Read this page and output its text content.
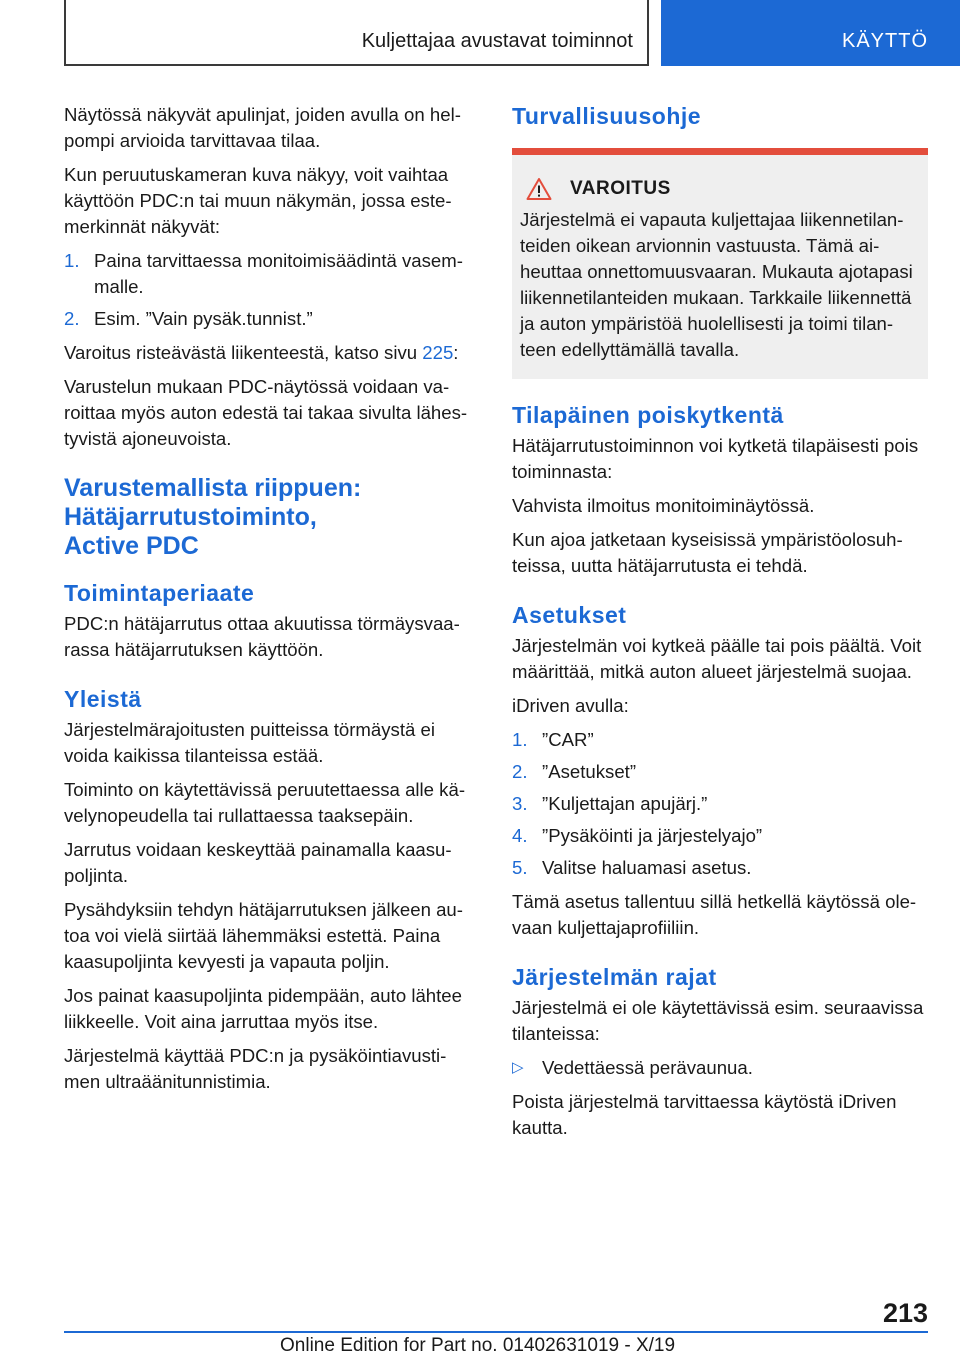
Kuljettajaa avustavat toiminnot	KÄYTTÖ

Näytössä näkyvät apulinjat, joiden avulla on hel-pompi arvioida tarvittavaa tilaa.

Kun peruutuskameran kuva näkyy, voit vaihtaa käyttöön PDC:n tai muun näkymän, jossa este-merkinnät näkyvät:

1. Paina tarvittaessa monitoimisäädintä vasem-malle.
2. Esim. ”Vain pysäk.tunnist.”

Varoitus risteävästä liikenteestä, katso sivu 225:

Varustelun mukaan PDC-näytössä voidaan va-roittaa myös auton edestä tai takaa sivulta lähes-tyvistä ajoneuvoista.

Varustemallista riippuen:
Hätäjarrutustoiminto,
Active PDC
Toimintaperiaate

PDC:n hätäjarrutus ottaa akuutissa törmäysvaa-rassa hätäjarrutuksen käyttöön.

Yleistä

Järjestelmärajoitusten puitteissa törmäystä ei voida kaikissa tilanteissa estää.

Toiminto on käytettävissä peruutettaessa alle kä-velynopeudella tai rullattaessa taaksepäin.

Jarrutus voidaan keskeyttää painamalla kaasu-poljinta.

Pysähdyksiin tehdyn hätäjarrutuksen jälkeen au-toa voi vielä siirtää lähemmäksi estettä. Paina kaasupoljinta kevyesti ja vapauta poljin.

Jos painat kaasupoljinta pidempään, auto lähtee liikkeelle. Voit aina jarruttaa myös itse.

Järjestelmä käyttää PDC:n ja pysäköintiavusti-men ultraäänitunnistimia.

Turvallisuusohje
VAROITUS

Järjestelmä ei vapauta kuljettajaa liikennetilan-teiden oikean arvionnin vastuusta. Tämä ai-heuttaa onnettomuusvaaran. Mukauta ajotapasi liikennetilanteiden mukaan. Tarkkaile liikennettä ja auton ympäristöä huolellisesti ja toimi tilan-teen edellyttämällä tavalla.

Tilapäinen poiskytkentä

Hätäjarrutustoiminnon voi kytketä tilapäisesti pois toiminnasta:

Vahvista ilmoitus monitoiminäytössä.

Kun ajoa jatketaan kyseisissä ympäristöolosuh-teissa, uutta hätäjarrutusta ei tehdä.

Asetukset

Järjestelmän voi kytkeä päälle tai pois päältä. Voit määrittää, mitkä auton alueet järjestelmä suojaa.

iDriven avulla:

1. ”CAR”
2. ”Asetukset”
3. ”Kuljettajan apujärj.”
4. ”Pysäköinti ja järjestelyajo”
5. Valitse haluamasi asetus.

Tämä asetus tallentuu sillä hetkellä käytössä ole-vaan kuljettajaprofiiliin.

Järjestelmän rajat

Järjestelmä ei ole käytettävissä esim. seuraavissa tilanteissa:

▷ Vedettäessä perävaunua.

Poista järjestelmä tarvittaessa käytöstä iDriven kautta.

213
Online Edition for Part no. 01402631019 - X/19
